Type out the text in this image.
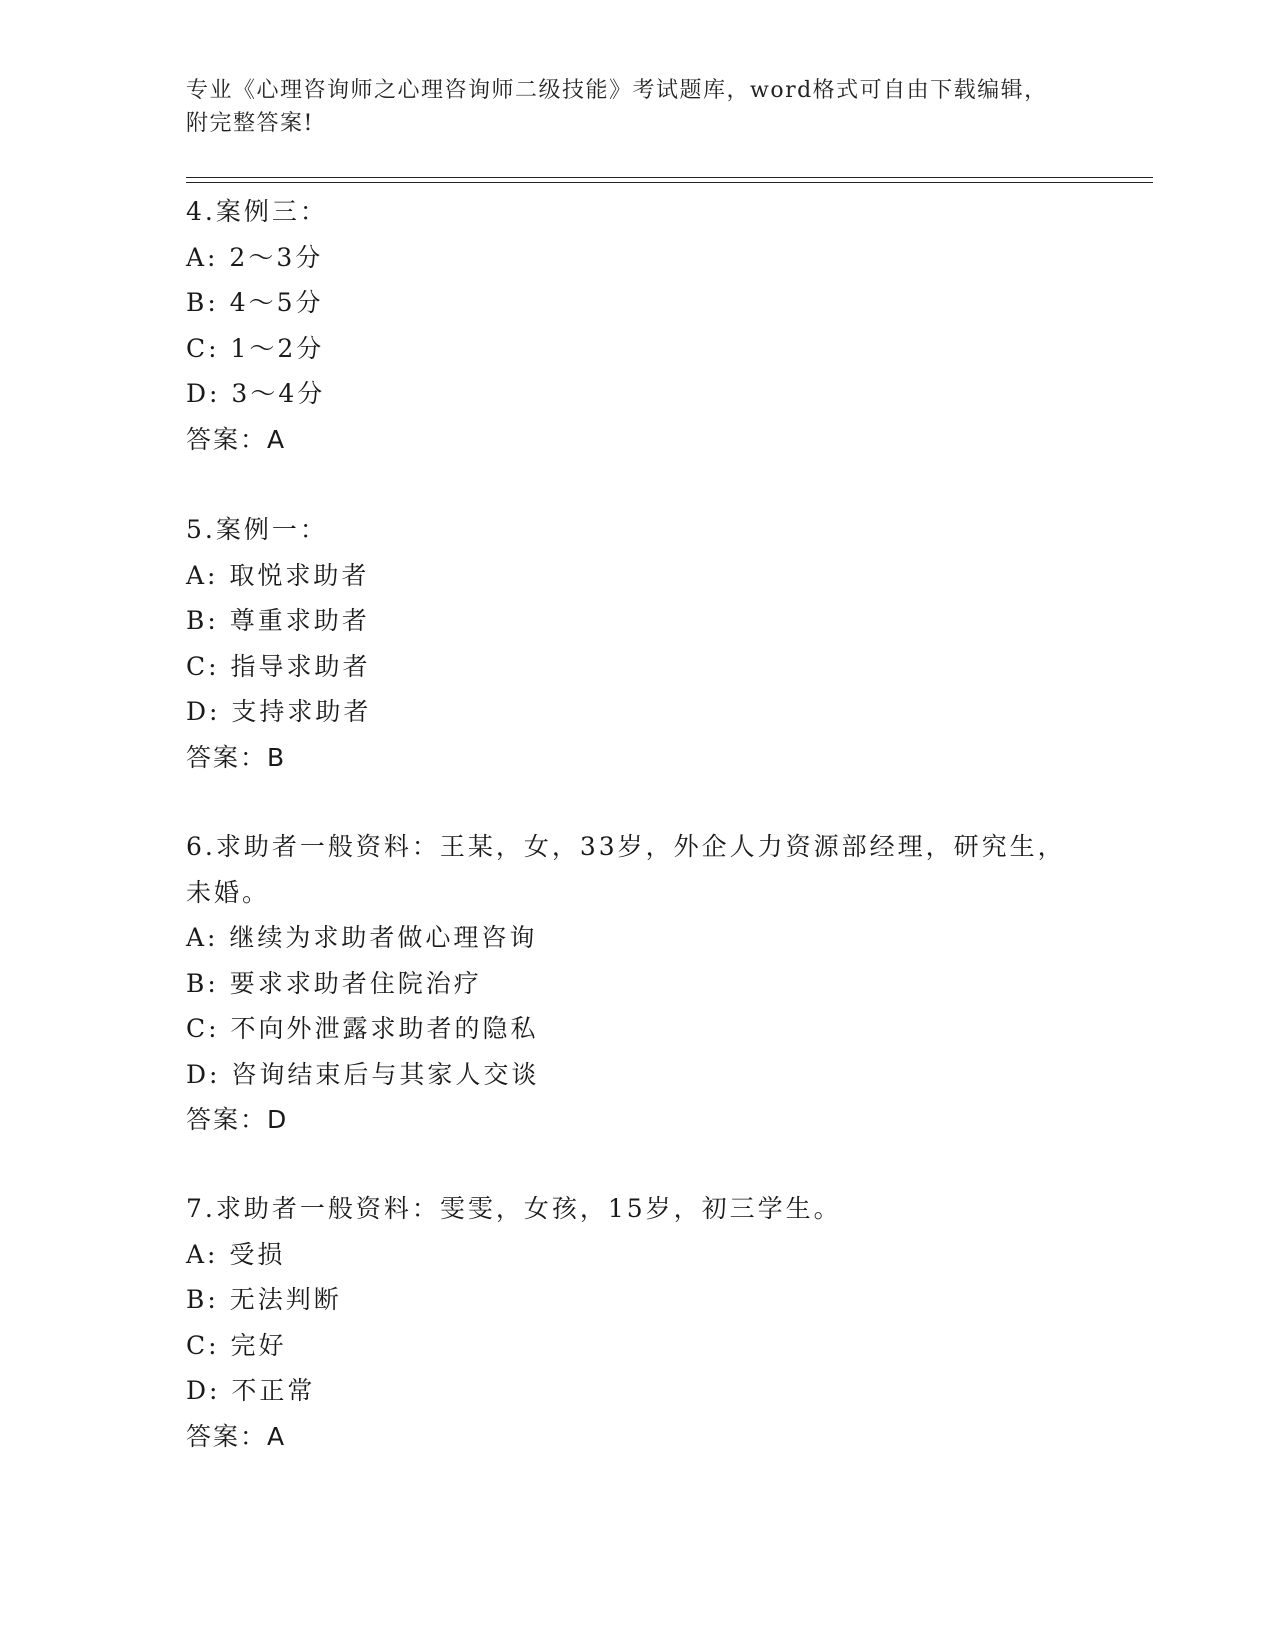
专业《心理咨询师之心理咨询师二级技能》考试题库，word格式可自由下载编辑，附完整答案!
4.案例三：
A: 2～3分
B: 4～5分
C: 1～2分
D: 3～4分
答案：A
5.案例一：
A: 取悦求助者
B: 尊重求助者
C: 指导求助者
D: 支持求助者
答案：B
6.求助者一般资料：王某，女，33岁，外企人力资源部经理，研究生，未婚。
A: 继续为求助者做心理咨询
B: 要求求助者住院治疗
C: 不向外泄露求助者的隐私
D: 咨询结束后与其家人交谈
答案：D
7.求助者一般资料：雯雯，女孩，15岁，初三学生。
A: 受损
B: 无法判断
C: 完好
D: 不正常
答案：A
